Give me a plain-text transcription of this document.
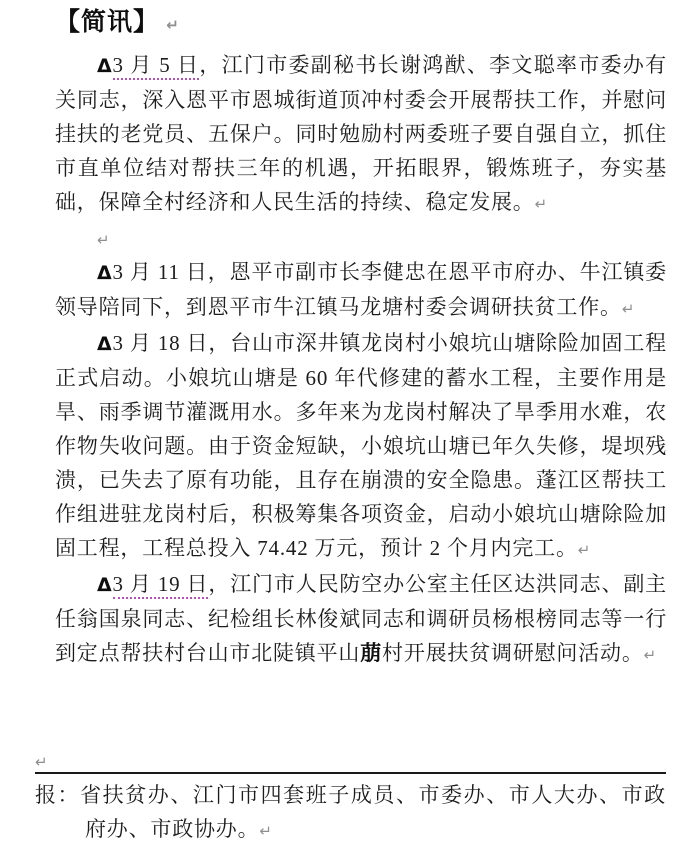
【简讯】 ↵

Δ3 月 5 日，江门市委副秘书长谢鸿猷、李文聪率市委办有关同志，深入恩平市恩城街道顶冲村委会开展帮扶工作，并慰问挂扶的老党员、五保户。同时勉励村两委班子要自强自立，抓住市直单位结对帮扶三年的机遇，开拓眼界，锻炼班子，夯实基础，保障全村经济和人民生活的持续、稳定发展。↵

↵

Δ3 月 11 日，恩平市副市长李健忠在恩平市府办、牛江镇委领导陪同下，到恩平市牛江镇马龙塘村委会调研扶贫工作。↵

Δ3 月 18 日，台山市深井镇龙岗村小娘坑山塘除险加固工程正式启动。小娘坑山塘是 60 年代修建的蓄水工程，主要作用是旱、雨季调节灌溉用水。多年来为龙岗村解决了旱季用水难，农作物失收问题。由于资金短缺，小娘坑山塘已年久失修，堤坝残溃，已失去了原有功能，且存在崩溃的安全隐患。蓬江区帮扶工作组进驻龙岗村后，积极筹集各项资金，启动小娘坑山塘除险加固工程，工程总投入 74.42 万元，预计 2 个月内完工。↵

Δ3 月 19 日，江门市人民防空办公室主任区达洪同志、副主任翁国泉同志、纪检组长林俊斌同志和调研员杨根榜同志等一行到定点帮扶村台山市北陡镇平山萠村开展扶贫调研慰问活动。↵

↵

报：省扶贫办、江门市四套班子成员、市委办、市人大办、市政府办、市政协办。↵
